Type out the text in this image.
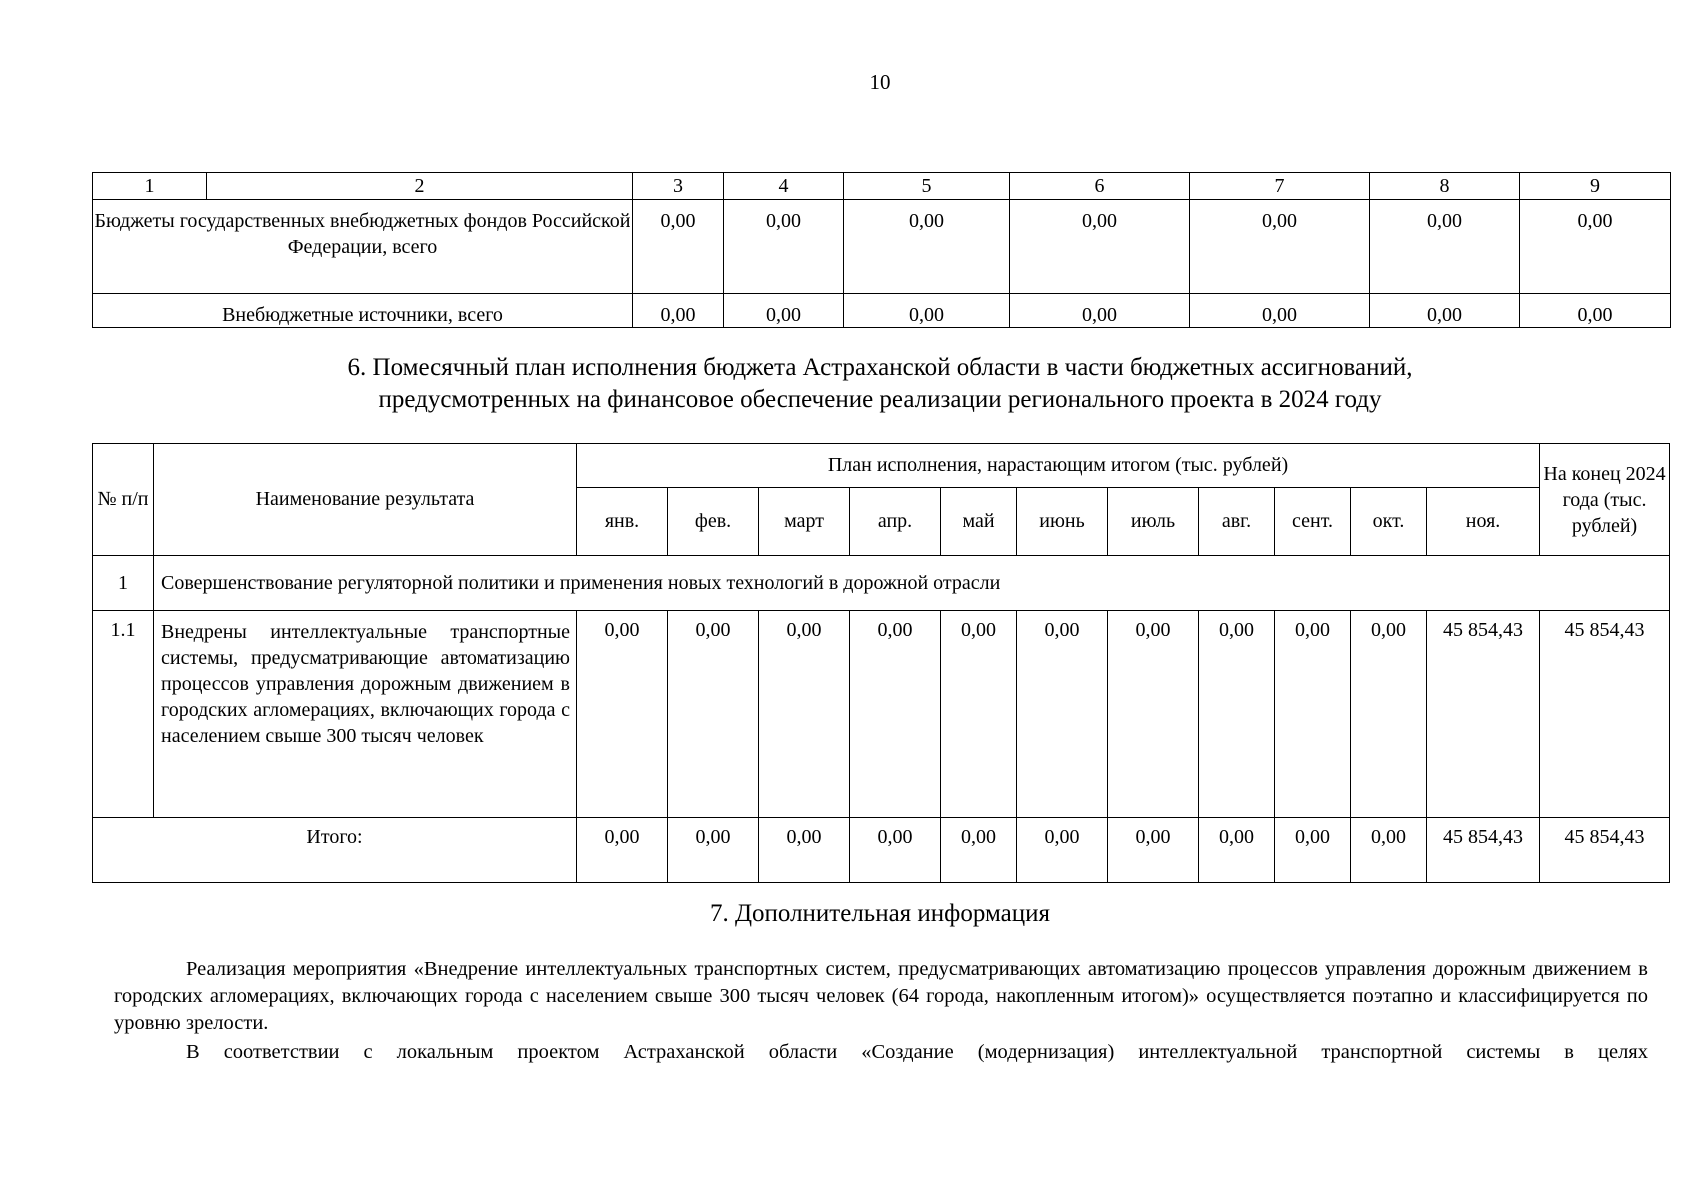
10
1	2	3	4	5	6	7	8	9
Бюджеты государственных внебюджетных фондов Российской Федерации, всего		0,00	0,00	0,00	0,00	0,00	0,00	0,00
Внебюджетные источники, всего		0,00	0,00	0,00	0,00	0,00	0,00	0,00
6. Помесячный план исполнения бюджета Астраханской области в части бюджетных ассигнований,
предусмотренных на финансовое обеспечение реализации регионального проекта в 2024 году
№ п/п	Наименование результата	План исполнения, нарастающим итогом (тыс. рублей)											На конец 2024 года (тыс. рублей)
		янв.	фев.	март	апр.	май	июнь	июль	авг.	сент.	окт.	ноя.	
1	Совершенствование регуляторной политики и применения новых технологий в дорожной отрасли												
1.1	Внедрены интеллектуальные транспортные системы, предусматривающие автоматизацию процессов управления дорожным движением в городских агломерациях, включающих города с населением свыше 300 тысяч человек	0,00	0,00	0,00	0,00	0,00	0,00	0,00	0,00	0,00	0,00	45 854,43	45 854,43
Итого:		0,00	0,00	0,00	0,00	0,00	0,00	0,00	0,00	0,00	0,00	45 854,43	45 854,43
7. Дополнительная информация

Реализация мероприятия «Внедрение интеллектуальных транспортных систем, предусматривающих автоматизацию процессов управления дорожным движением в городских агломерациях, включающих города с населением свыше 300 тысяч человек (64 города, накопленным итогом)» осуществляется поэтапно и классифицируется по уровню зрелости.

В соответствии с локальным проектом Астраханской области «Создание (модернизация) интеллектуальной транспортной системы в целях
